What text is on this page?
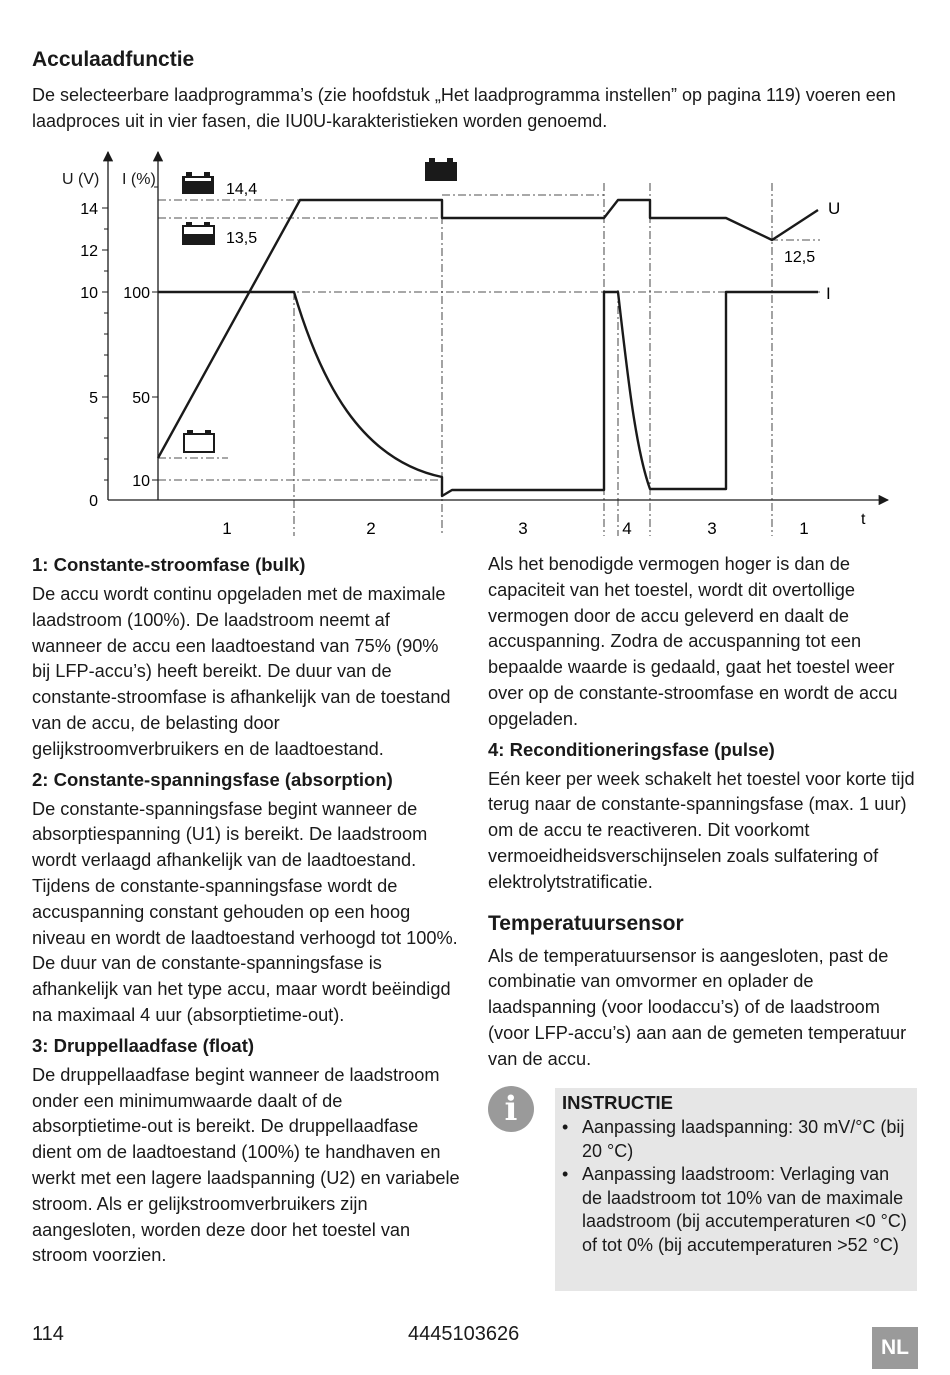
Acculaadfunctie

De selecteerbare laadprogramma’s (zie hoofdstuk „Het laadprogramma instellen” op pagina 119) voeren een laadproces uit in vier fasen, die IU0U-karakteristieken worden genoemd.

U (V) I (%)
14
12
10
5
0
100
50
10
14,4
13,5
12,5
U
I
t
1	2	3	4	3	1
1: Constante-stroomfase (bulk)

De accu wordt continu opgeladen met de maximale laadstroom (100%). De laadstroom neemt af wanneer de accu een laadtoestand van 75% (90% bij LFP-accu’s) heeft bereikt. De duur van de constante-stroomfase is afhankelijk van de toestand van de accu, de belasting door gelijkstroomverbruikers en de laadtoestand.

2: Constante-spanningsfase (absorption)

De constante-spanningsfase begint wanneer de absorptiespanning (U1) is bereikt. De laadstroom wordt verlaagd afhankelijk van de laadtoestand. Tijdens de constante-spanningsfase wordt de accuspanning constant gehouden op een hoog niveau en wordt de laadtoestand verhoogd tot 100%. De duur van de constante-spanningsfase is afhankelijk van het type accu, maar wordt beëindigd na maximaal 4 uur (absorptietime-out).

3: Druppellaadfase (float)

De druppellaadfase begint wanneer de laadstroom onder een minimumwaarde daalt of de absorptietime-out is bereikt. De druppellaadfase dient om de laadtoestand (100%) te handhaven en werkt met een lagere laadspanning (U2) en variabele stroom. Als er gelijkstroomverbruikers zijn aangesloten, worden deze door het toestel van stroom voorzien.

Als het benodigde vermogen hoger is dan de capaciteit van het toestel, wordt dit overtollige vermogen door de accu geleverd en daalt de accuspanning. Zodra de accuspanning tot een bepaalde waarde is gedaald, gaat het toestel weer over op de constante-stroomfase en wordt de accu opgeladen.

4: Reconditioneringsfase (pulse)

Eén keer per week schakelt het toestel voor korte tijd terug naar de constante-spanningsfase (max. 1 uur) om de accu te reactiveren. Dit voorkomt vermoeidheidsverschijnselen zoals sulfatering of elektrolytstratificatie.

Temperatuursensor

Als de temperatuursensor is aangesloten, past de combinatie van omvormer en oplader de laadspanning (voor loodaccu’s) of de laadstroom (voor LFP-accu’s) aan aan de gemeten temperatuur van de accu.

i	INSTRUCTIE
• Aanpassing laadspanning: 30 mV/°C (bij 20 °C)
• Aanpassing laadstroom: Verlaging van de laadstroom tot 10% van de maximale laadstroom (bij accutemperaturen <0 °C) of tot 0% (bij accutemperaturen >52 °C)
114	4445103626
NL
